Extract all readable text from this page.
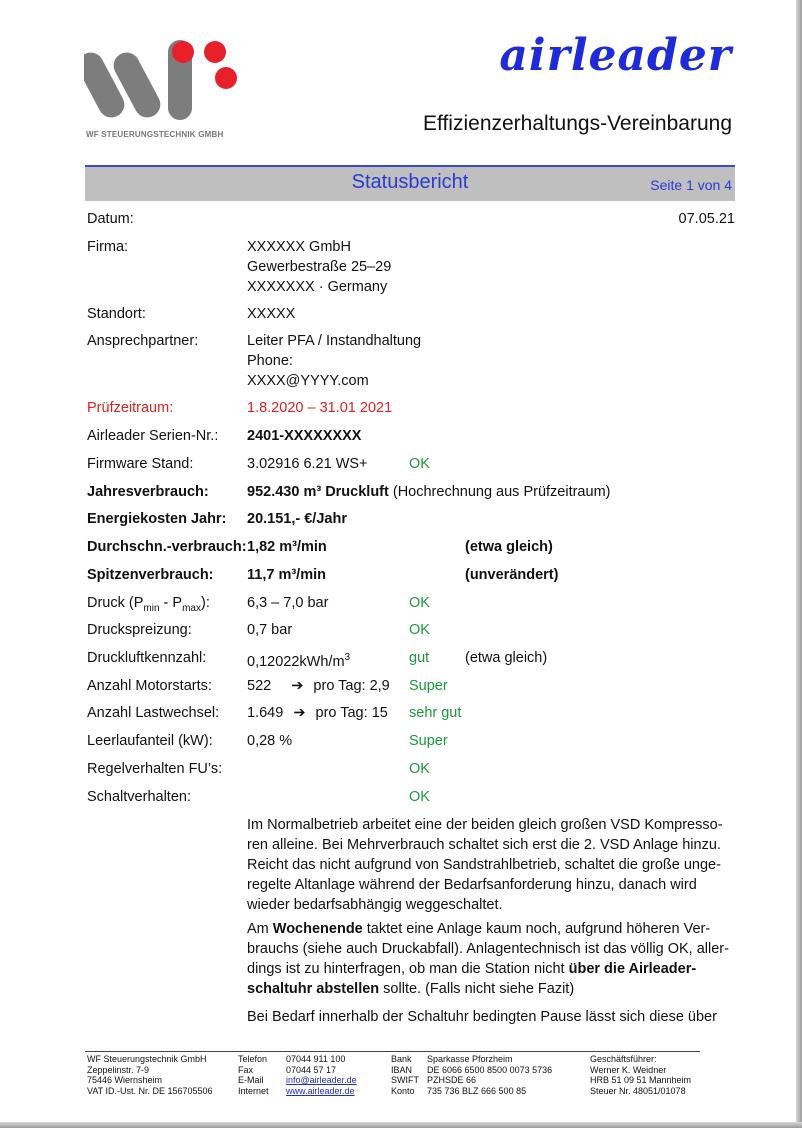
WF STEUERUNGSTECHNIK GMBH
airleader
Effizienzerhaltungs-Vereinbarung
Statusbericht	Seite 1 von 4
Datum:	07.05.21
Firma:	XXXXXX GmbH
Gewerbestraße 25–29
XXXXXXX · Germany
Standort:	XXXXX
Ansprechpartner:	Leiter PFA / Instandhaltung
Phone:
XXXX@YYYY.com
Prüfzeitraum:	1.8.2020 – 31.01 2021
Airleader Serien-Nr.: 2401-XXXXXXXX
Firmware Stand:	3.02916 6.21 WS+	OK
Jahresverbrauch:	952.430 m³ Druckluft (Hochrechnung aus Prüfzeitraum)
Energiekosten Jahr: 20.151,- €/Jahr
Durchschn.-verbrauch: 1,82 m³/min	(etwa gleich)
Spitzenverbrauch: 11,7 m³/min	(unverändert)
Druck $(P_{min} - P_{max})$:	6,3 – 7,0 bar	OK
Druckspreizung:	0,7 bar	OK
Druckluftkennzahl:	$0,12022kWh/m^3$	gut (etwa gleich)
Anzahl Motorstarts: 522 ➔ pro Tag: 2,9 Super
Anzahl Lastwechsel: 1.649 ➔ pro Tag: 15 sehr gut
Leerlaufanteil (kW): 0,28 %	Super
Regelverhalten FU’s:	OK
Schaltverhalten:	OK
Im Normalbetrieb arbeitet eine der beiden gleich großen VSD Kompressoren alleine. Bei Mehrverbrauch schaltet sich erst die 2. VSD Anlage hinzu. Reicht das nicht aufgrund von Sandstrahlbetrieb, schaltet die große ungeregelte Altanlage während der Bedarfsanforderung hinzu, danach wird wieder bedarfsabhängig weggeschaltet.
Am Wochenende taktet eine Anlage kaum noch, aufgrund höheren Verbrauchs (siehe auch Druckabfall). Anlagentechnisch ist das völlig OK, allerdings ist zu hinterfragen, ob man die Station nicht über die Airleaderschaltuhr abstellen sollte. (Falls nicht siehe Fazit)
Bei Bedarf innerhalb der Schaltuhr bedingten Pause lässt sich diese über
WF Steuerungstechnik GmbH
Zeppelinstr. 7-9
75446 Wiernsheim
VAT ID.-Ust. Nr. DE 156705506
Telefon
Fax
E-Mail
Internet
07044 911 100
07044 57 17
info@airleader.de
www.airleader.de
Bank
IBAN
SWIFT
Konto
Sparkasse Pforzheim
DE 6066 6500 8500 0073 5736
PZHSDE 66
735 736 BLZ 666 500 85
Geschäftsführer:
Werner K. Weidner
HRB 51 09 51 Mannheim
Steuer Nr. 48051/01078
